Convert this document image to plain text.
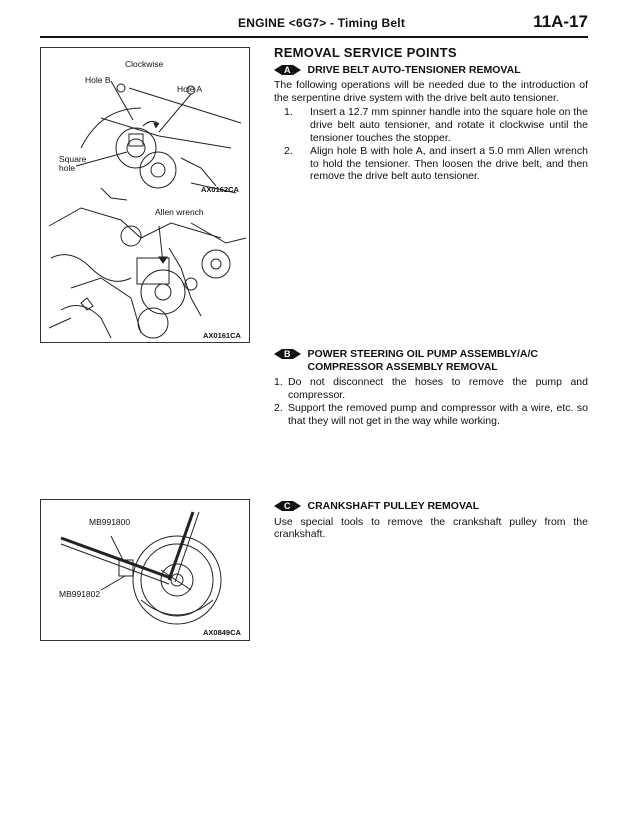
ENGINE <6G7> - Timing Belt	11A-17
Clockwise
Hole B
Hole A
Square
hole
AX0162CA
Allen wrench
AX0161CA
MB991800
MB991802
AX0849CA
REMOVAL SERVICE POINTS
A DRIVE BELT AUTO-TENSIONER REMOVAL

The following operations will be needed due to the introduction of the serpentine drive system with the drive belt auto tensioner.

1.	Insert a 12.7 mm spinner handle into the square hole on the drive belt auto tensioner, and rotate it clockwise until the tensioner touches the stopper.
2.	Align hole B with hole A, and insert a 5.0 mm Allen wrench to hold the tensioner. Then loosen the drive belt, and then remove the drive belt auto tensioner.
B POWER STEERING OIL PUMP ASSEMBLY/A/C COMPRESSOR ASSEMBLY REMOVAL
1. Do not disconnect the hoses to remove the pump and compressor.
2. Support the removed pump and compressor with a wire, etc. so that they will not get in the way while working.
C CRANKSHAFT PULLEY REMOVAL

Use special tools to remove the crankshaft pulley from the crankshaft.
